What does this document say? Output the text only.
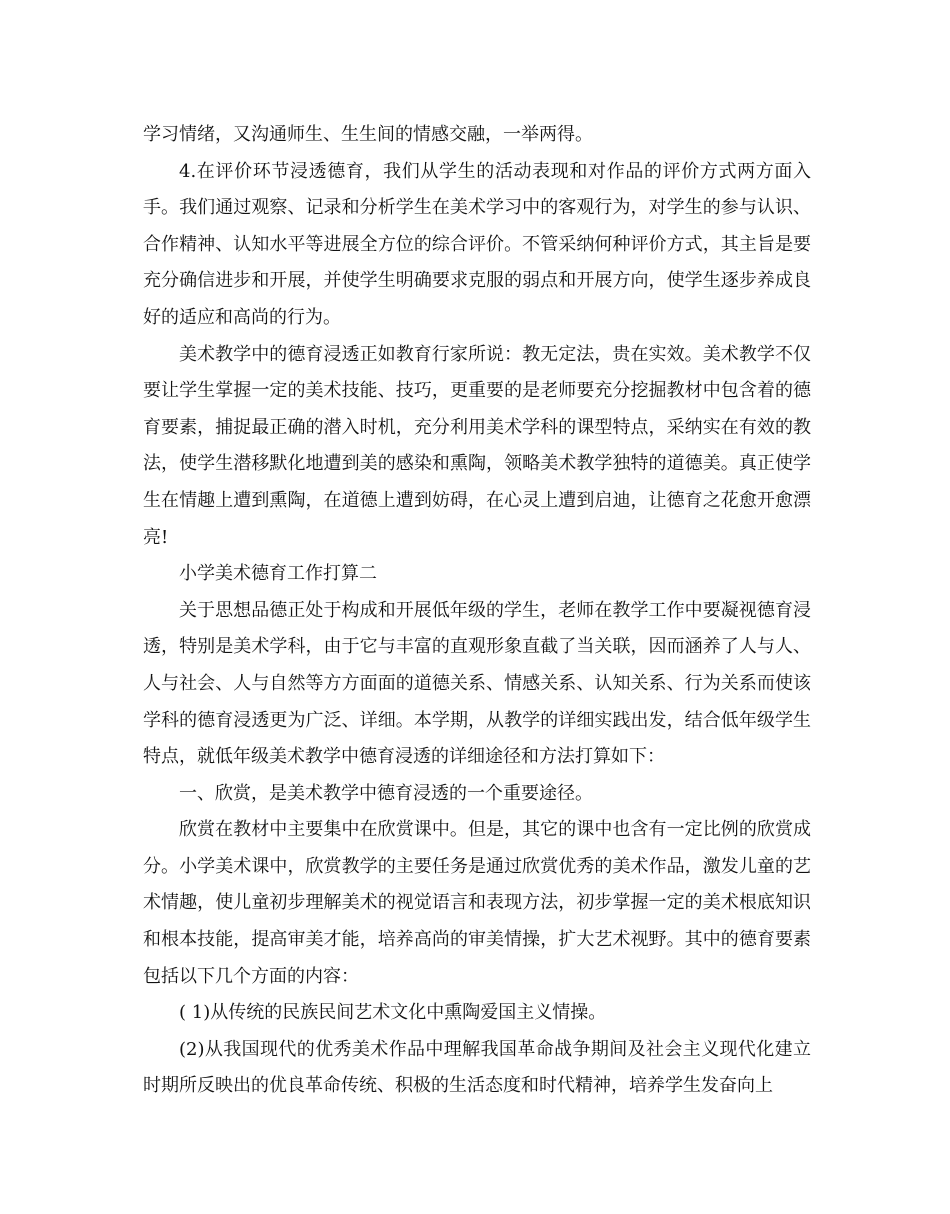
学习情绪，又沟通师生、生生间的情感交融，一举两得。

4.在评价环节浸透德育，我们从学生的活动表现和对作品的评价方式两方面入手。我们通过观察、记录和分析学生在美术学习中的客观行为，对学生的参与认识、合作精神、认知水平等进展全方位的综合评价。不管采纳何种评价方式，其主旨是要充分确信进步和开展，并使学生明确要求克服的弱点和开展方向，使学生逐步养成良好的适应和高尚的行为。

美术教学中的德育浸透正如教育行家所说：教无定法，贵在实效。美术教学不仅要让学生掌握一定的美术技能、技巧，更重要的是老师要充分挖掘教材中包含着的德育要素，捕捉最正确的潜入时机，充分利用美术学科的课型特点，采纳实在有效的教法，使学生潜移默化地遭到美的感染和熏陶，领略美术教学独特的道德美。真正使学生在情趣上遭到熏陶，在道德上遭到妨碍，在心灵上遭到启迪，让德育之花愈开愈漂亮!

小学美术德育工作打算二

关于思想品德正处于构成和开展低年级的学生，老师在教学工作中要凝视德育浸透，特别是美术学科，由于它与丰富的直观形象直截了当关联，因而涵养了人与人、人与社会、人与自然等方方面面的道德关系、情感关系、认知关系、行为关系而使该学科的德育浸透更为广泛、详细。本学期，从教学的详细实践出发，结合低年级学生特点，就低年级美术教学中德育浸透的详细途径和方法打算如下：

一、欣赏，是美术教学中德育浸透的一个重要途径。

欣赏在教材中主要集中在欣赏课中。但是，其它的课中也含有一定比例的欣赏成分。小学美术课中，欣赏教学的主要任务是通过欣赏优秀的美术作品，激发儿童的艺术情趣，使儿童初步理解美术的视觉语言和表现方法，初步掌握一定的美术根底知识和根本技能，提高审美才能，培养高尚的审美情操，扩大艺术视野。其中的德育要素包括以下几个方面的内容：

( 1)从传统的民族民间艺术文化中熏陶爱国主义情操。

(2)从我国现代的优秀美术作品中理解我国革命战争期间及社会主义现代化建立时期所反映出的优良革命传统、积极的生活态度和时代精神，培养学生发奋向上
